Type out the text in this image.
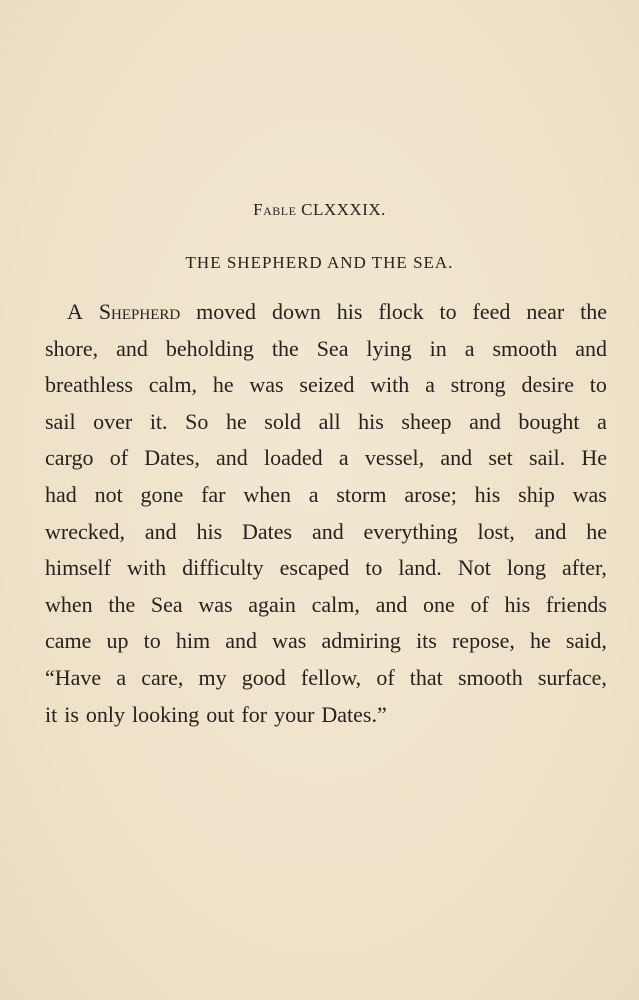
Fable CLXXXIX.
THE SHEPHERD AND THE SEA.
A Shepherd moved down his flock to feed near the
shore, and beholding the Sea lying in a smooth and
breathless calm, he was seized with a strong desire to
sail over it. So he sold all his sheep and bought a
cargo of Dates, and loaded a vessel, and set sail. He
had not gone far when a storm arose; his ship was
wrecked, and his Dates and everything lost, and he
himself with difficulty escaped to land. Not long after,
when the Sea was again calm, and one of his friends
came up to him and was admiring its repose, he said,
“Have a care, my good fellow, of that smooth surface,
it is only looking out for your Dates.”
